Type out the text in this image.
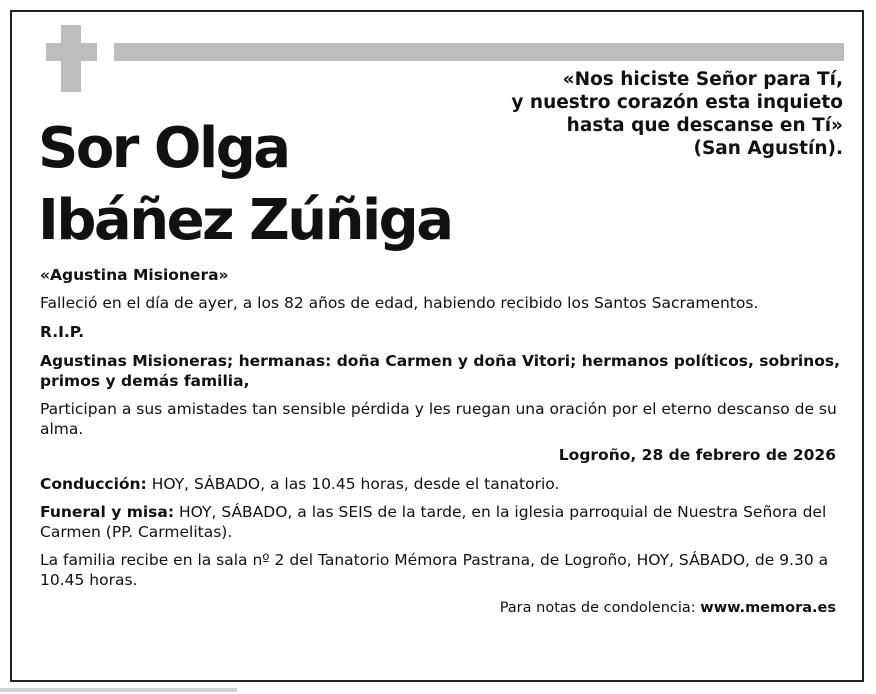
«Nos hiciste Señor para Tí,
y nuestro corazón esta inquieto
hasta que descanse en Tí»
(San Agustín).
Sor Olga
Ibáñez Zúñiga

«Agustina Misionera»

Falleció en el día de ayer, a los 82 años de edad, habiendo recibido los Santos Sacramentos.

R.I.P.

Agustinas Misioneras; hermanas: doña Carmen y doña Vitori; hermanos políticos, sobrinos, primos y demás familia,

Participan a sus amistades tan sensible pérdida y les ruegan una oración por el eterno descanso de su alma.

Logroño, 28 de febrero de 2026

Conducción: HOY, SÁBADO, a las 10.45 horas, desde el tanatorio.

Funeral y misa: HOY, SÁBADO, a las SEIS de la tarde, en la iglesia parroquial de Nuestra Señora del Carmen (PP. Carmelitas).

La familia recibe en la sala nº 2 del Tanatorio Mémora Pastrana, de Logroño, HOY, SÁBADO, de 9.30 a 10.45 horas.

Para notas de condolencia: www.memora.es
